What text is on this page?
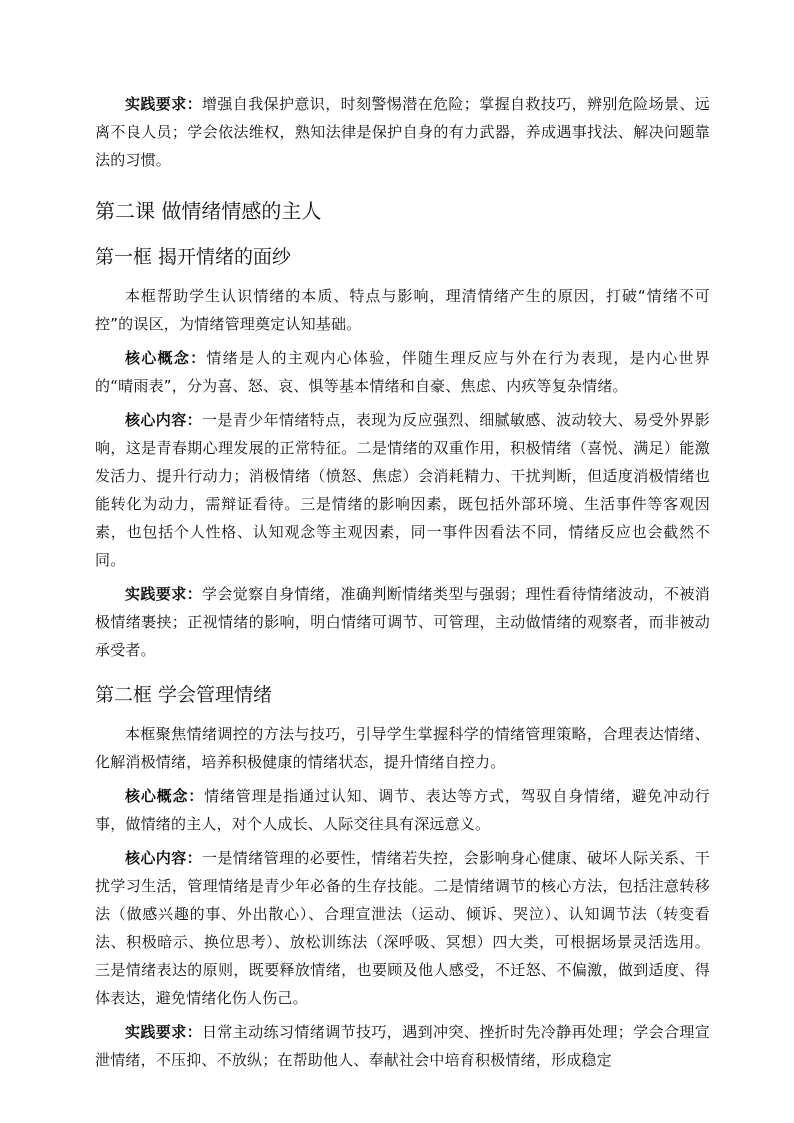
实践要求：增强自我保护意识，时刻警惕潜在危险；掌握自救技巧，辨别危险场景、远离不良人员；学会依法维权，熟知法律是保护自身的有力武器，养成遇事找法、解决问题靠法的习惯。

第二课 做情绪情感的主人
第一框 揭开情绪的面纱

本框帮助学生认识情绪的本质、特点与影响，理清情绪产生的原因，打破“情绪不可控”的误区，为情绪管理奠定认知基础。

核心概念：情绪是人的主观内心体验，伴随生理反应与外在行为表现，是内心世界的“晴雨表”，分为喜、怒、哀、惧等基本情绪和自豪、焦虑、内疚等复杂情绪。

核心内容：一是青少年情绪特点，表现为反应强烈、细腻敏感、波动较大、易受外界影响，这是青春期心理发展的正常特征。二是情绪的双重作用，积极情绪（喜悦、满足）能激发活力、提升行动力；消极情绪（愤怒、焦虑）会消耗精力、干扰判断，但适度消极情绪也能转化为动力，需辩证看待。三是情绪的影响因素，既包括外部环境、生活事件等客观因素，也包括个人性格、认知观念等主观因素，同一事件因看法不同，情绪反应也会截然不同。

实践要求：学会觉察自身情绪，准确判断情绪类型与强弱；理性看待情绪波动，不被消极情绪裹挟；正视情绪的影响，明白情绪可调节、可管理，主动做情绪的观察者，而非被动承受者。

第二框 学会管理情绪

本框聚焦情绪调控的方法与技巧，引导学生掌握科学的情绪管理策略，合理表达情绪、化解消极情绪，培养积极健康的情绪状态，提升情绪自控力。

核心概念：情绪管理是指通过认知、调节、表达等方式，驾驭自身情绪，避免冲动行事，做情绪的主人，对个人成长、人际交往具有深远意义。

核心内容：一是情绪管理的必要性，情绪若失控，会影响身心健康、破坏人际关系、干扰学习生活，管理情绪是青少年必备的生存技能。二是情绪调节的核心方法，包括注意转移法（做感兴趣的事、外出散心）、合理宣泄法（运动、倾诉、哭泣）、认知调节法（转变看法、积极暗示、换位思考）、放松训练法（深呼吸、冥想）四大类，可根据场景灵活选用。三是情绪表达的原则，既要释放情绪，也要顾及他人感受，不迁怒、不偏激，做到适度、得体表达，避免情绪化伤人伤己。

实践要求：日常主动练习情绪调节技巧，遇到冲突、挫折时先冷静再处理；学会合理宣泄情绪，不压抑、不放纵；在帮助他人、奉献社会中培育积极情绪，形成稳定
